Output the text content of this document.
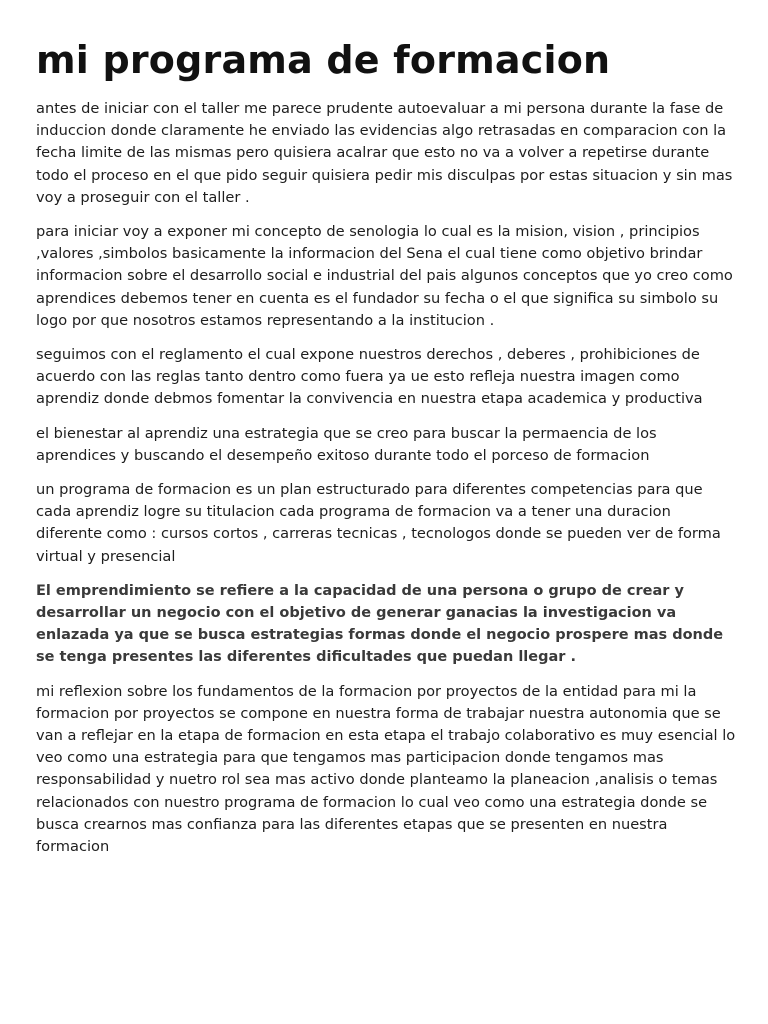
mi programa de formacion

antes de iniciar con el taller me parece prudente autoevaluar a mi persona durante la fase de induccion donde claramente he enviado las evidencias algo retrasadas en comparacion con la fecha limite de las mismas pero quisiera acalrar que esto no va a volver a repetirse durante todo el proceso en el que pido seguir quisiera pedir mis disculpas por estas situacion y sin mas voy a proseguir con el taller .

para iniciar voy a exponer mi concepto de senologia lo cual es la mision, vision , principios ,valores ,simbolos basicamente la informacion del Sena el cual tiene como objetivo brindar informacion sobre el desarrollo social e industrial del pais algunos conceptos que yo creo como aprendices debemos tener en cuenta es el fundador su fecha o el que significa su simbolo su logo por que nosotros estamos representando a la institucion .

seguimos con el reglamento el cual expone nuestros derechos , deberes , prohibiciones de acuerdo con las reglas tanto dentro como fuera ya ue esto refleja nuestra imagen como aprendiz donde debmos fomentar la convivencia en nuestra etapa academica y productiva

el bienestar al aprendiz una estrategia que se creo para buscar la permaencia de los aprendices y buscando el desempeño exitoso durante todo el porceso de formacion

un programa de formacion es un plan estructurado para diferentes competencias para que cada aprendiz logre su titulacion cada programa de formacion va a tener una duracion diferente como : cursos cortos , carreras tecnicas , tecnologos donde se pueden ver de forma virtual y presencial

El emprendimiento se refiere a la capacidad de una persona o grupo de crear y desarrollar un negocio con el objetivo de generar ganacias la investigacion va enlazada ya que se busca estrategias formas donde el negocio prospere mas donde se tenga presentes las diferentes dificultades que puedan llegar .

mi reflexion sobre los fundamentos de la formacion por proyectos de la entidad para mi la formacion por proyectos se compone en nuestra forma de trabajar nuestra autonomia que se van a reflejar en la etapa de formacion en esta etapa el trabajo colaborativo es muy esencial lo veo como una estrategia para que tengamos mas participacion donde tengamos mas responsabilidad y nuetro rol sea mas activo donde planteamo la planeacion ,analisis o temas relacionados con nuestro programa de formacion lo cual veo como una estrategia donde se busca crearnos mas confianza para las diferentes etapas que se presenten en nuestra formacion
